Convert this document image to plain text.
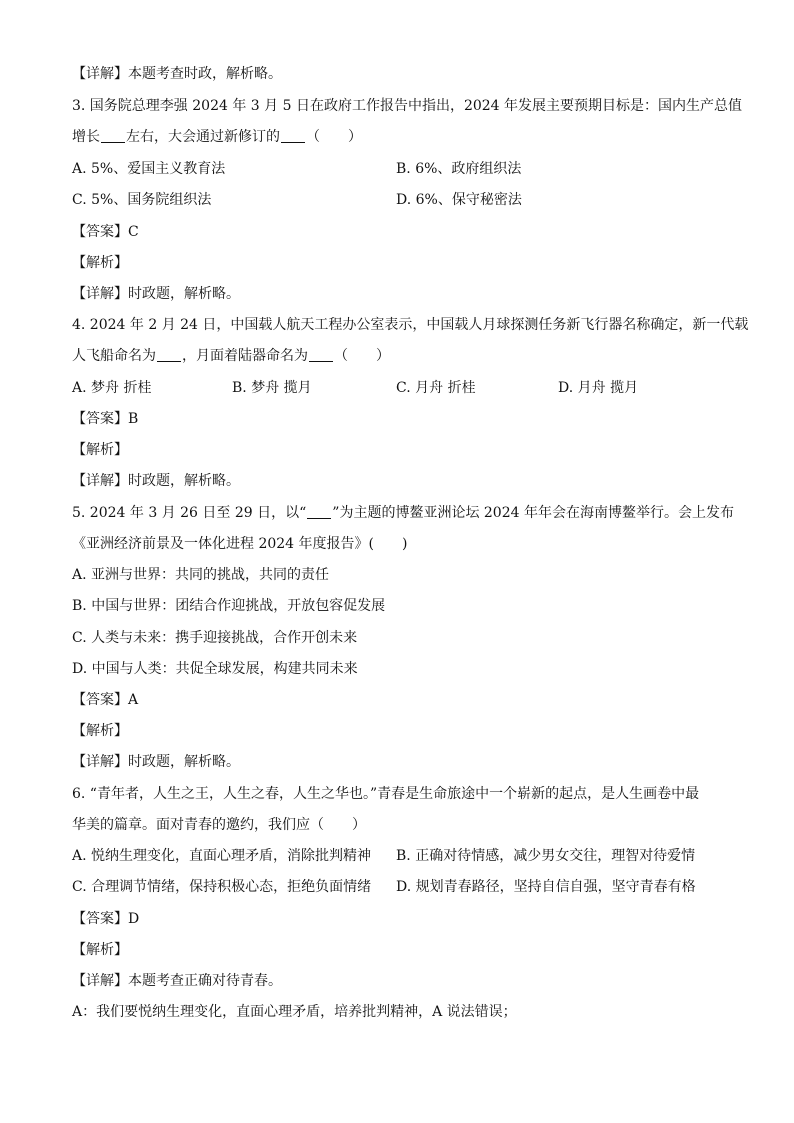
【详解】本题考查时政，解析略。
3. 国务院总理李强 2024 年 3 月 5 日在政府工作报告中指出，2024 年发展主要预期目标是：国内生产总值
增长 左右，大会通过新修订的 （　　）
A. 5%、爱国主义教育法	B. 6%、政府组织法
C. 5%、国务院组织法	D. 6%、保守秘密法
【答案】C
【解析】
【详解】时政题，解析略。
4. 2024 年 2 月 24 日，中国载人航天工程办公室表示，中国载人月球探测任务新飞行器名称确定，新一代载
人飞船命名为 ，月面着陆器命名为 （　　）
A. 梦舟 折桂	B. 梦舟 揽月	C. 月舟 折桂	D. 月舟 揽月
【答案】B
【解析】
【详解】时政题，解析略。
5. 2024 年 3 月 26 日至 29 日，以“ ”为主题的博鳌亚洲论坛 2024 年年会在海南博鳌举行。会上发布
《亚洲经济前景及一体化进程 2024 年度报告》(　　)
A. 亚洲与世界：共同的挑战，共同的责任
B. 中国与世界：团结合作迎挑战，开放包容促发展
C. 人类与未来：携手迎接挑战，合作开创未来
D. 中国与人类：共促全球发展，构建共同未来
【答案】A
【解析】
【详解】时政题，解析略。
6. “青年者，人生之王，人生之春，人生之华也。”青春是生命旅途中一个崭新的起点，是人生画卷中最
华美的篇章。面对青春的邀约，我们应（　　）
A. 悦纳生理变化，直面心理矛盾，消除批判精神 B. 正确对待情感，减少男女交往，理智对待爱情
C. 合理调节情绪，保持积极心态，拒绝负面情绪 D. 规划青春路径，坚持自信自强，坚守青春有格
【答案】D
【解析】
【详解】本题考查正确对待青春。
A：我们要悦纳生理变化，直面心理矛盾，培养批判精神，A 说法错误；
